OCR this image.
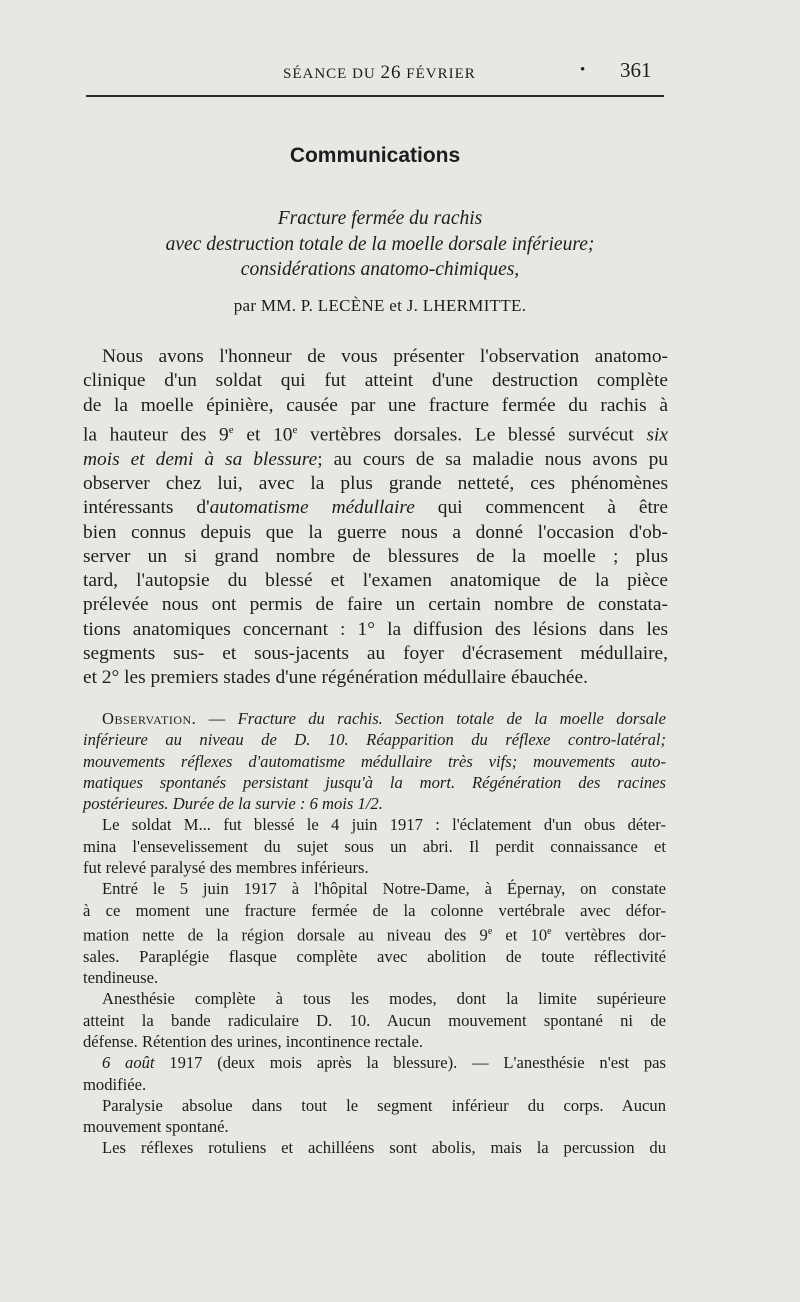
SÉANCE DU 26 FÉVRIER	• 361
Communications
Fracture fermée du rachis
avec destruction totale de la moelle dorsale inférieure;
considérations anatomo-chimiques,
par MM. P. LECÈNE et J. LHERMITTE.
Nous avons l'honneur de vous présenter l'observation anatomo-
clinique d'un soldat qui fut atteint d'une destruction complète
de la moelle épinière, causée par une fracture fermée du rachis à
la hauteur des 9e et 10e vertèbres dorsales. Le blessé survécut six
mois et demi à sa blessure; au cours de sa maladie nous avons pu
observer chez lui, avec la plus grande netteté, ces phénomènes
intéressants d'automatisme médullaire qui commencent à être
bien connus depuis que la guerre nous a donné l'occasion d'ob-
server un si grand nombre de blessures de la moelle ; plus
tard, l'autopsie du blessé et l'examen anatomique de la pièce
prélevée nous ont permis de faire un certain nombre de constata-
tions anatomiques concernant : 1° la diffusion des lésions dans les
segments sus- et sous-jacents au foyer d'écrasement médullaire,
et 2° les premiers stades d'une régénération médullaire ébauchée.
Observation. — Fracture du rachis. Section totale de la moelle dorsale
inférieure au niveau de D. 10. Réapparition du réflexe contro-latéral;
mouvements réflexes d'automatisme médullaire très vifs; mouvements auto-
matiques spontanés persistant jusqu'à la mort. Régénération des racines
postérieures. Durée de la survie : 6 mois 1/2.
Le soldat M... fut blessé le 4 juin 1917 : l'éclatement d'un obus déter-
mina l'ensevelissement du sujet sous un abri. Il perdit connaissance et
fut relevé paralysé des membres inférieurs.
Entré le 5 juin 1917 à l'hôpital Notre-Dame, à Épernay, on constate
à ce moment une fracture fermée de la colonne vertébrale avec défor-
mation nette de la région dorsale au niveau des 9e et 10e vertèbres dor-
sales. Paraplégie flasque complète avec abolition de toute réflectivité
tendineuse.
Anesthésie complète à tous les modes, dont la limite supérieure
atteint la bande radiculaire D. 10. Aucun mouvement spontané ni de
défense. Rétention des urines, incontinence rectale.
6 août 1917 (deux mois après la blessure). — L'anesthésie n'est pas
modifiée.
Paralysie absolue dans tout le segment inférieur du corps. Aucun
mouvement spontané.
Les réflexes rotuliens et achilléens sont abolis, mais la percussion du
